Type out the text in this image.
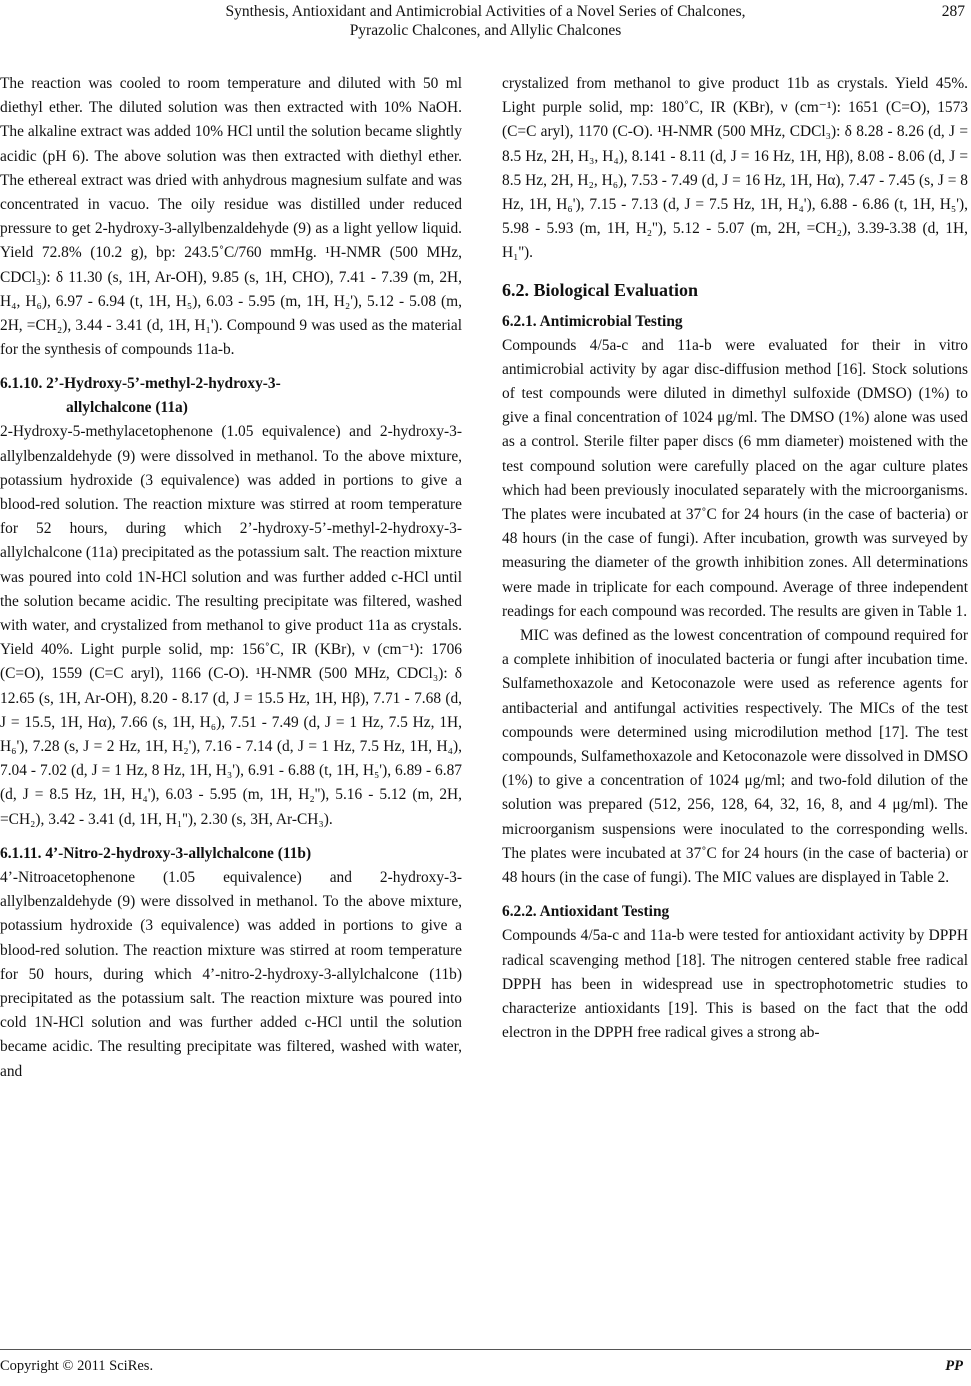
Synthesis, Antioxidant and Antimicrobial Activities of a Novel Series of Chalcones,
Pyrazolic Chalcones, and Allylic Chalcones
287

The reaction was cooled to room temperature and diluted with 50 ml diethyl ether. The diluted solution was then extracted with 10% NaOH. The alkaline extract was added 10% HCl until the solution became slightly acidic (pH 6). The above solution was then extracted with diethyl ether. The ethereal extract was dried with anhydrous magnesium sulfate and was concentrated in vacuo. The oily residue was distilled under reduced pressure to get 2-hydroxy-3-allylbenzaldehyde (9) as a light yellow liquid. Yield 72.8% (10.2 g), bp: 243.5˚C/760 mmHg. ¹H-NMR (500 MHz, CDCl₃): δ 11.30 (s, 1H, Ar-OH), 9.85 (s, 1H, CHO), 7.41 - 7.39 (m, 2H, H₄, H₆), 6.97 - 6.94 (t, 1H, H₅), 6.03 - 5.95 (m, 1H, H₂'), 5.12 - 5.08 (m, 2H, =CH₂), 3.44 - 3.41 (d, 1H, H₁'). Compound 9 was used as the material for the synthesis of compounds 11a-b.

6.1.10. 2’-Hydroxy-5’-methyl-2-hydroxy-3-
allylchalcone (11a)

2-Hydroxy-5-methylacetophenone (1.05 equivalence) and 2-hydroxy-3-allylbenzaldehyde (9) were dissolved in methanol. To the above mixture, potassium hydroxide (3 equivalence) was added in portions to give a blood-red solution. The reaction mixture was stirred at room temperature for 52 hours, during which 2’-hydroxy-5’-methyl-2-hydroxy-3-allylchalcone (11a) precipitated as the potassium salt. The reaction mixture was poured into cold 1N-HCl solution and was further added c-HCl until the solution became acidic. The resulting precipitate was filtered, washed with water, and crystalized from methanol to give product 11a as crystals. Yield 40%. Light purple solid, mp: 156˚C, IR (KBr), ν (cm⁻¹): 1706 (C=O), 1559 (C=C aryl), 1166 (C-O). ¹H-NMR (500 MHz, CDCl₃): δ 12.65 (s, 1H, Ar-OH), 8.20 - 8.17 (d, J = 15.5 Hz, 1H, Hβ), 7.71 - 7.68 (d, J = 15.5, 1H, Hα), 7.66 (s, 1H, H₆), 7.51 - 7.49 (d, J = 1 Hz, 7.5 Hz, 1H, H₆'), 7.28 (s, J = 2 Hz, 1H, H₂'), 7.16 - 7.14 (d, J = 1 Hz, 7.5 Hz, 1H, H₄), 7.04 - 7.02 (d, J = 1 Hz, 8 Hz, 1H, H₃'), 6.91 - 6.88 (t, 1H, H₅'), 6.89 - 6.87 (d, J = 8.5 Hz, 1H, H₄'), 6.03 - 5.95 (m, 1H, H₂''), 5.16 - 5.12 (m, 2H, =CH₂), 3.42 - 3.41 (d, 1H, H₁''), 2.30 (s, 3H, Ar-CH₃).

6.1.11. 4’-Nitro-2-hydroxy-3-allylchalcone (11b)

4’-Nitroacetophenone (1.05 equivalence) and 2-hydroxy-3-allylbenzaldehyde (9) were dissolved in methanol. To the above mixture, potassium hydroxide (3 equivalence) was added in portions to give a blood-red solution. The reaction mixture was stirred at room temperature for 50 hours, during which 4’-nitro-2-hydroxy-3-allylchalcone (11b) precipitated as the potassium salt. The reaction mixture was poured into cold 1N-HCl solution and was further added c-HCl until the solution became acidic. The resulting precipitate was filtered, washed with water, and

crystalized from methanol to give product 11b as crystals. Yield 45%. Light purple solid, mp: 180˚C, IR (KBr), ν (cm⁻¹): 1651 (C=O), 1573 (C=C aryl), 1170 (C-O). ¹H-NMR (500 MHz, CDCl₃): δ 8.28 - 8.26 (d, J = 8.5 Hz, 2H, H₃, H₄), 8.141 - 8.11 (d, J = 16 Hz, 1H, Hβ), 8.08 - 8.06 (d, J = 8.5 Hz, 2H, H₂, H₆), 7.53 - 7.49 (d, J = 16 Hz, 1H, Hα), 7.47 - 7.45 (s, J = 8 Hz, 1H, H₆'), 7.15 - 7.13 (d, J = 7.5 Hz, 1H, H₄'), 6.88 - 6.86 (t, 1H, H₅'), 5.98 - 5.93 (m, 1H, H₂''), 5.12 - 5.07 (m, 2H, =CH₂), 3.39-3.38 (d, 1H, H₁'').

6.2. Biological Evaluation
6.2.1. Antimicrobial Testing

Compounds 4/5a-c and 11a-b were evaluated for their in vitro antimicrobial activity by agar disc-diffusion method [16]. Stock solutions of test compounds were diluted in dimethyl sulfoxide (DMSO) (1%) to give a final concentration of 1024 μg/ml. The DMSO (1%) alone was used as a control. Sterile filter paper discs (6 mm diameter) moistened with the test compound solution were carefully placed on the agar culture plates which had been previously inoculated separately with the microorganisms. The plates were incubated at 37˚C for 24 hours (in the case of bacteria) or 48 hours (in the case of fungi). After incubation, growth was surveyed by measuring the diameter of the growth inhibition zones. All determinations were made in triplicate for each compound. Average of three independent readings for each compound was recorded. The results are given in Table 1.

MIC was defined as the lowest concentration of compound required for a complete inhibition of inoculated bacteria or fungi after incubation time. Sulfamethoxazole and Ketoconazole were used as reference agents for antibacterial and antifungal activities respectively. The MICs of the test compounds were determined using microdilution method [17]. The test compounds, Sulfamethoxazole and Ketoconazole were dissolved in DMSO (1%) to give a concentration of 1024 μg/ml; and two-fold dilution of the solution was prepared (512, 256, 128, 64, 32, 16, 8, and 4 μg/ml). The microorganism suspensions were inoculated to the corresponding wells. The plates were incubated at 37˚C for 24 hours (in the case of bacteria) or 48 hours (in the case of fungi). The MIC values are displayed in Table 2.

6.2.2. Antioxidant Testing

Compounds 4/5a-c and 11a-b were tested for antioxidant activity by DPPH radical scavenging method [18]. The nitrogen centered stable free radical DPPH has been in widespread use in spectrophotometric studies to characterize antioxidants [19]. This is based on the fact that the odd electron in the DPPH free radical gives a strong ab-

Copyright © 2011 SciRes.	PP
